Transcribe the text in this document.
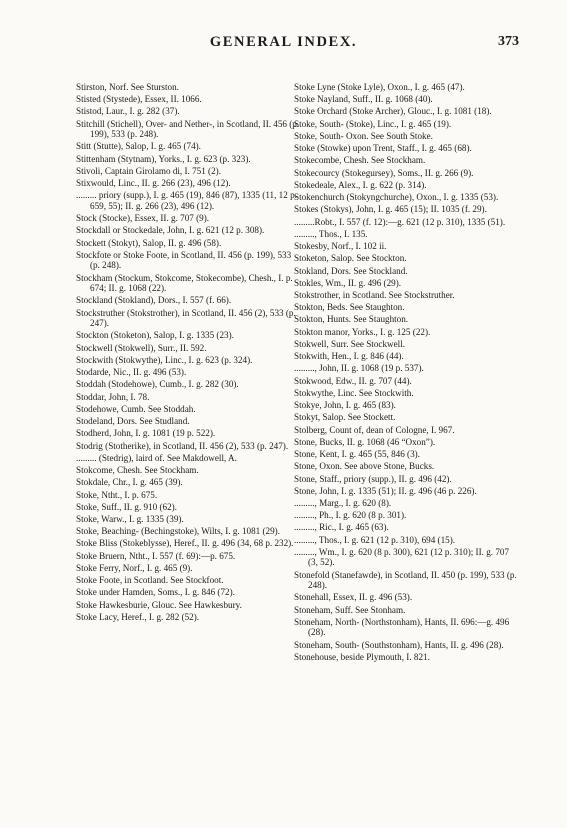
GENERAL INDEX.	373
Stirston, Norf. See Sturston.
Stisted (Stystede), Essex, II. 1066.
Stistod, Laur., I. g. 282 (37).
Stitchill (Stichell), Over- and Nether-, in Scotland, II. 456 (p. 199), 533 (p. 248).
Stitt (Stutte), Salop, I. g. 465 (74).
Stittenham (Stytnam), Yorks., I. g. 623 (p. 323).
Stivoli, Captain Girolamo di, I. 751 (2).
Stixwould, Linc., II. g. 266 (23), 496 (12).
......... priory (supp.), I. g. 465 (19), 846 (87), 1335 (11, 12 p. 659, 55); II. g. 266 (23), 496 (12).
Stock (Stocke), Essex, II. g. 707 (9).
Stockdall or Stockedale, John, I. g. 621 (12 p. 308).
Stockett (Stokyt), Salop, II. g. 496 (58).
Stockfote or Stoke Foote, in Scotland, II. 456 (p. 199), 533 (p. 248).
Stockham (Stockum, Stokcome, Stokecombe), Chesh., I. p. 674; II. g. 1068 (22).
Stockland (Stokland), Dors., I. 557 (f. 66).
Stockstruther (Stokstrother), in Scotland, II. 456 (2), 533 (p. 247).
Stockton (Stoketon), Salop, I. g. 1335 (23).
Stockwell (Stokwell), Surr., II. 592.
Stockwith (Stokwythe), Linc., I. g. 623 (p. 324).
Stodarde, Nic., II. g. 496 (53).
Stoddah (Stodehowe), Cumb., I. g. 282 (30).
Stoddar, John, I. 78.
Stodehowe, Cumb. See Stoddah.
Stodeland, Dors. See Studland.
Stodherd, John, I. g. 1081 (19 p. 522).
Stodrig (Stotherike), in Scotland, II. 456 (2), 533 (p. 247).
......... (Stedrig), laird of. See Makdowell, A.
Stokcome, Chesh. See Stockham.
Stokdale, Chr., I. g. 465 (39).
Stoke, Ntht., I. p. 675.
Stoke, Suff., II. g. 910 (62).
Stoke, Warw., I. g. 1335 (39).
Stoke, Beaching- (Bechingstoke), Wilts, I. g. 1081 (29).
Stoke Bliss (Stokeblysse), Heref., II. g. 496 (34, 68 p. 232).
Stoke Bruern, Ntht., I. 557 (f. 69):—p. 675.
Stoke Ferry, Norf., I. g. 465 (9).
Stoke Foote, in Scotland. See Stockfoot.
Stoke under Hamden, Soms., I. g. 846 (72).
Stoke Hawkesburie, Glouc. See Hawkesbury.
Stoke Lacy, Heref., I. g. 282 (52).
Stoke Lyne (Stoke Lyle), Oxon., I. g. 465 (47).
Stoke Nayland, Suff., II. g. 1068 (40).
Stoke Orchard (Stoke Archer), Glouc., I. g. 1081 (18).
Stoke, South- (Stoke), Linc., I. g. 465 (19).
Stoke, South- Oxon. See South Stoke.
Stoke (Stowke) upon Trent, Staff., I. g. 465 (68).
Stokecombe, Chesh. See Stockham.
Stokecourcy (Stokegursey), Soms., II. g. 266 (9).
Stokedeale, Alex., I. g. 622 (p. 314).
Stokenchurch (Stokyngchurche), Oxon., I. g. 1335 (53).
Stokes (Stokys), John, I. g. 465 (15); II. 1035 (f. 29).
.........Robt., I. 557 (f. 12):—g. 621 (12 p. 310), 1335 (51).
........., Thos., I. 135.
Stokesby, Norf., I. 102 ii.
Stoketon, Salop. See Stockton.
Stokland, Dors. See Stockland.
Stokles, Wm., II. g. 496 (29).
Stokstrother, in Scotland. See Stockstruther.
Stokton, Beds. See Staughton.
Stokton, Hunts. See Staughton.
Stokton manor, Yorks., I. g. 125 (22).
Stokwell, Surr. See Stockwell.
Stokwith, Hen., I. g. 846 (44).
........., John, II. g. 1068 (19 p. 537).
Stokwood, Edw., II. g. 707 (44).
Stokwythe, Linc. See Stockwith.
Stokye, John, I. g. 465 (83).
Stokyt, Salop. See Stockett.
Stolberg, Count of, dean of Cologne, I. 967.
Stone, Bucks, II. g. 1068 (46 “Oxon”).
Stone, Kent, I. g. 465 (55, 846 (3).
Stone, Oxon. See above Stone, Bucks.
Stone, Staff., priory (supp.), II. g. 496 (42).
Stone, John, I. g. 1335 (51); II. g. 496 (46 p. 226).
........., Marg., I. g. 620 (8).
........., Ph., I. g. 620 (8 p. 301).
........., Ric., I. g. 465 (63).
........., Thos., I. g. 621 (12 p. 310), 694 (15).
........., Wm., I. g. 620 (8 p. 300), 621 (12 p. 310); II. g. 707 (3, 52).
Stonefold (Stanefawde), in Scotland, II. 450 (p. 199), 533 (p. 248).
Stonehall, Essex, II. g. 496 (53).
Stoneham, Suff. See Stonham.
Stoneham, North- (Northstonham), Hants, II. 696:—g. 496 (28).
Stoneham, South- (Southstonham), Hants, II. g. 496 (28).
Stonehouse, beside Plymouth, I. 821.
